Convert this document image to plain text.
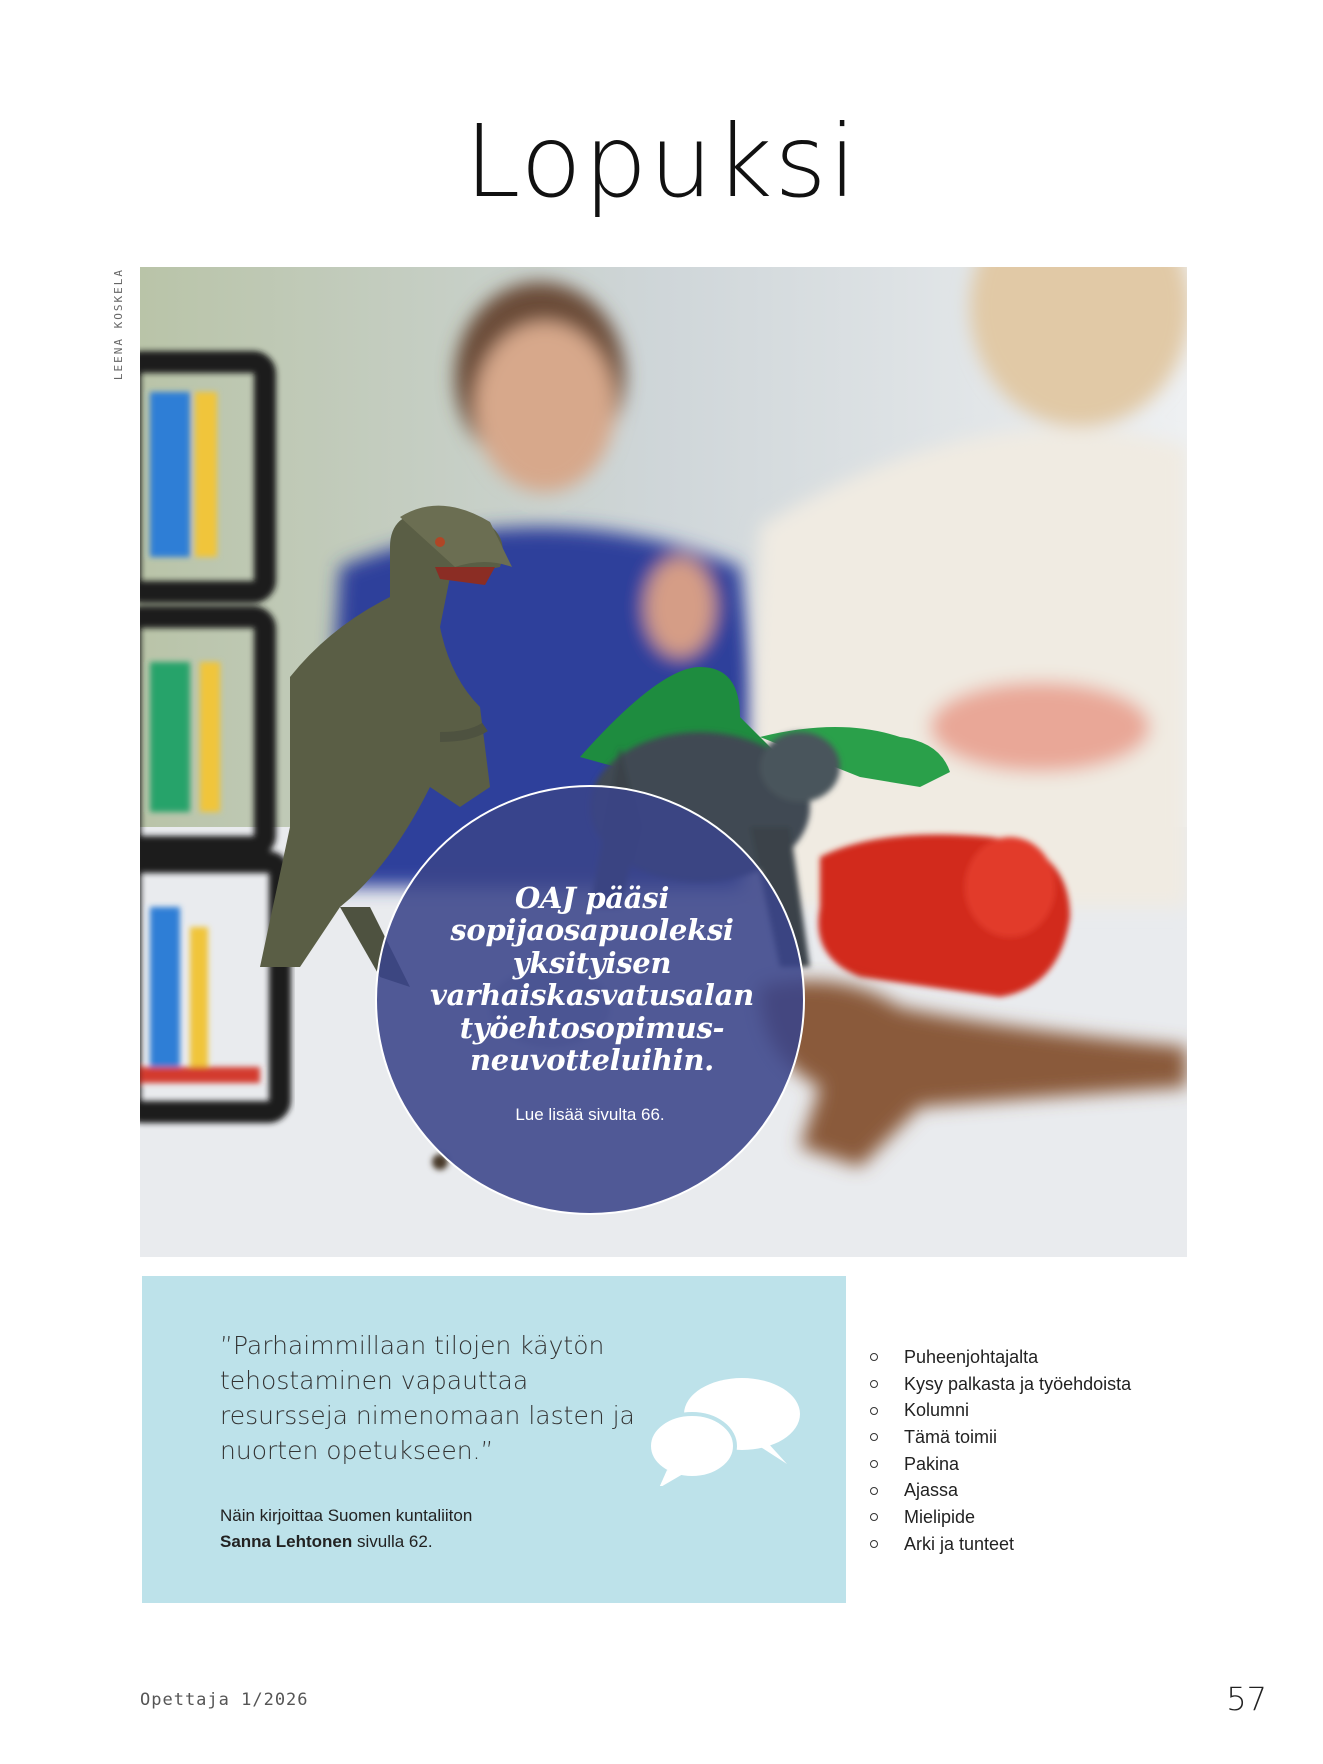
Lopuksi
LEENA KOSKELA
OAJ pääsi sopijaosapuoleksi yksityisen varhaiskasvatusalan työehtosopimus-neuvotteluihin.
Lue lisää sivulta 66.
”Parhaimmillaan tilojen käytön tehostaminen vapauttaa resursseja nimenomaan lasten ja nuorten opetukseen.”
Näin kirjoittaa Suomen kuntaliiton
Sanna Lehtonen sivulla 62.
Puheenjohtajalta
Kysy palkasta ja työehdoista
Kolumni
Tämä toimii
Pakina
Ajassa
Mielipide
Arki ja tunteet
Opettaja 1/2026	57
